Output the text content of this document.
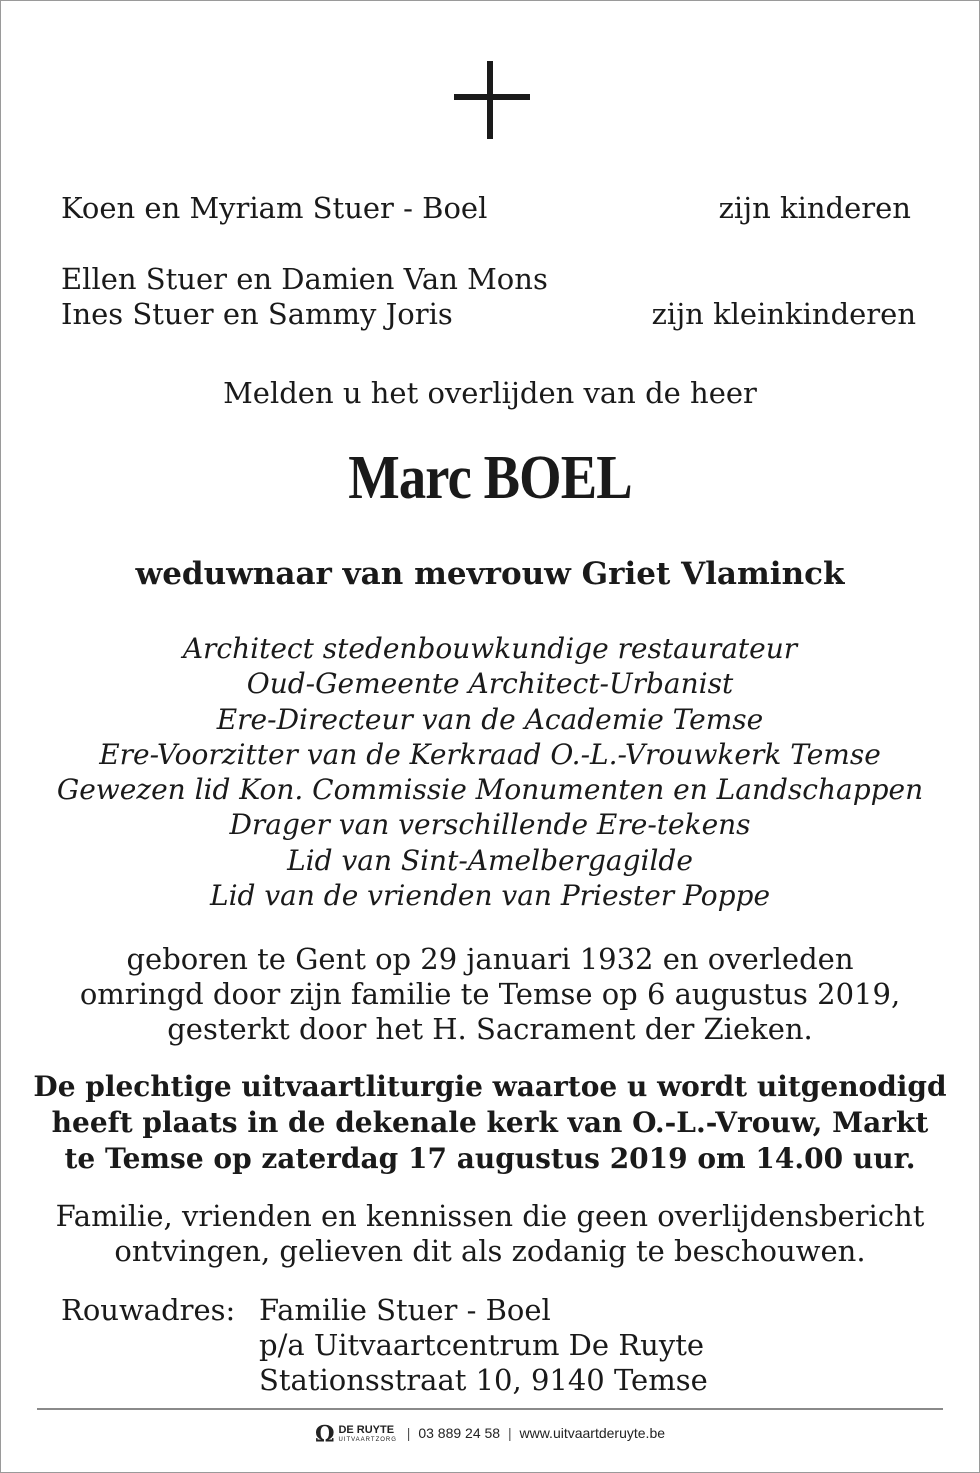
Koen en Myriam Stuer - Boel	zijn kinderen
Ellen Stuer en Damien Van Mons
Ines Stuer en Sammy Joris	zijn kleinkinderen
Melden u het overlijden van de heer
Marc BOEL
weduwnaar van mevrouw Griet Vlaminck
Architect stedenbouwkundige restaurateur
Oud-Gemeente Architect-Urbanist
Ere-Directeur van de Academie Temse
Ere-Voorzitter van de Kerkraad O.-L.-Vrouwkerk Temse
Gewezen lid Kon. Commissie Monumenten en Landschappen
Drager van verschillende Ere-tekens
Lid van Sint-Amelbergagilde
Lid van de vrienden van Priester Poppe
geboren te Gent op 29 januari 1932 en overleden
omringd door zijn familie te Temse op 6 augustus 2019,
gesterkt door het H. Sacrament der Zieken.
De plechtige uitvaartliturgie waartoe u wordt uitgenodigd
heeft plaats in de dekenale kerk van O.-L.-Vrouw, Markt
te Temse op zaterdag 17 augustus 2019 om 14.00 uur.
Familie, vrienden en kennissen die geen overlijdensbericht
ontvingen, gelieven dit als zodanig te beschouwen.
Rouwadres: Familie Stuer - Boel
p/a Uitvaartcentrum De Ruyte
Stationsstraat 10, 9140 Temse
Ω DE RUYTE
UITVAARTZORG | 03 889 24 58 | www.uitvaartderuyte.be
